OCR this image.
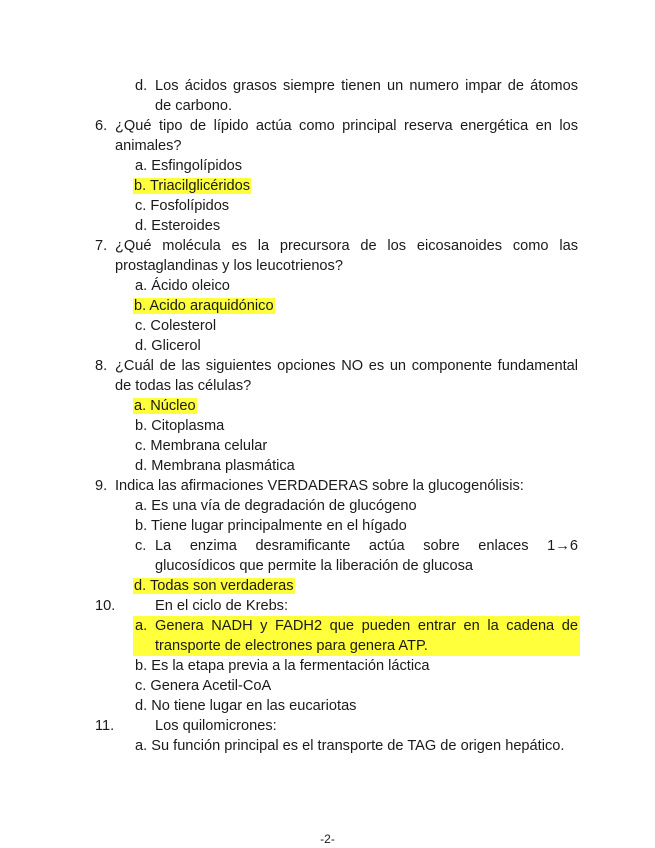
d. Los ácidos grasos siempre tienen un numero impar de átomos
de carbono.
6. ¿Qué tipo de lípido actúa como principal reserva energética en los
animales?
a. Esfingolípidos
b. Triacilglicéridos
c. Fosfolípidos
d. Esteroides
7. ¿Qué molécula es la precursora de los eicosanoides como las
prostaglandinas y los leucotrienos?
a. Ácido oleico
b. Acido araquidónico
c. Colesterol
d. Glicerol
8. ¿Cuál de las siguientes opciones NO es un componente fundamental
de todas las células?
a. Núcleo
b. Citoplasma
c. Membrana celular
d. Membrana plasmática
9. Indica las afirmaciones VERDADERAS sobre la glucogenólisis:
a. Es una vía de degradación de glucógeno
b. Tiene lugar principalmente en el hígado
c. La enzima desramificante actúa sobre enlaces 1→6
glucosídicos que permite la liberación de glucosa
d. Todas son verdaderas
10.	En el ciclo de Krebs:
a. Genera NADH y FADH2 que pueden entrar en la cadena de
transporte de electrones para genera ATP.
b. Es la etapa previa a la fermentación láctica
c. Genera Acetil-CoA
d. No tiene lugar en las eucariotas
11.	Los quilomicrones:
a. Su función principal es el transporte de TAG de origen hepático.
-2-
